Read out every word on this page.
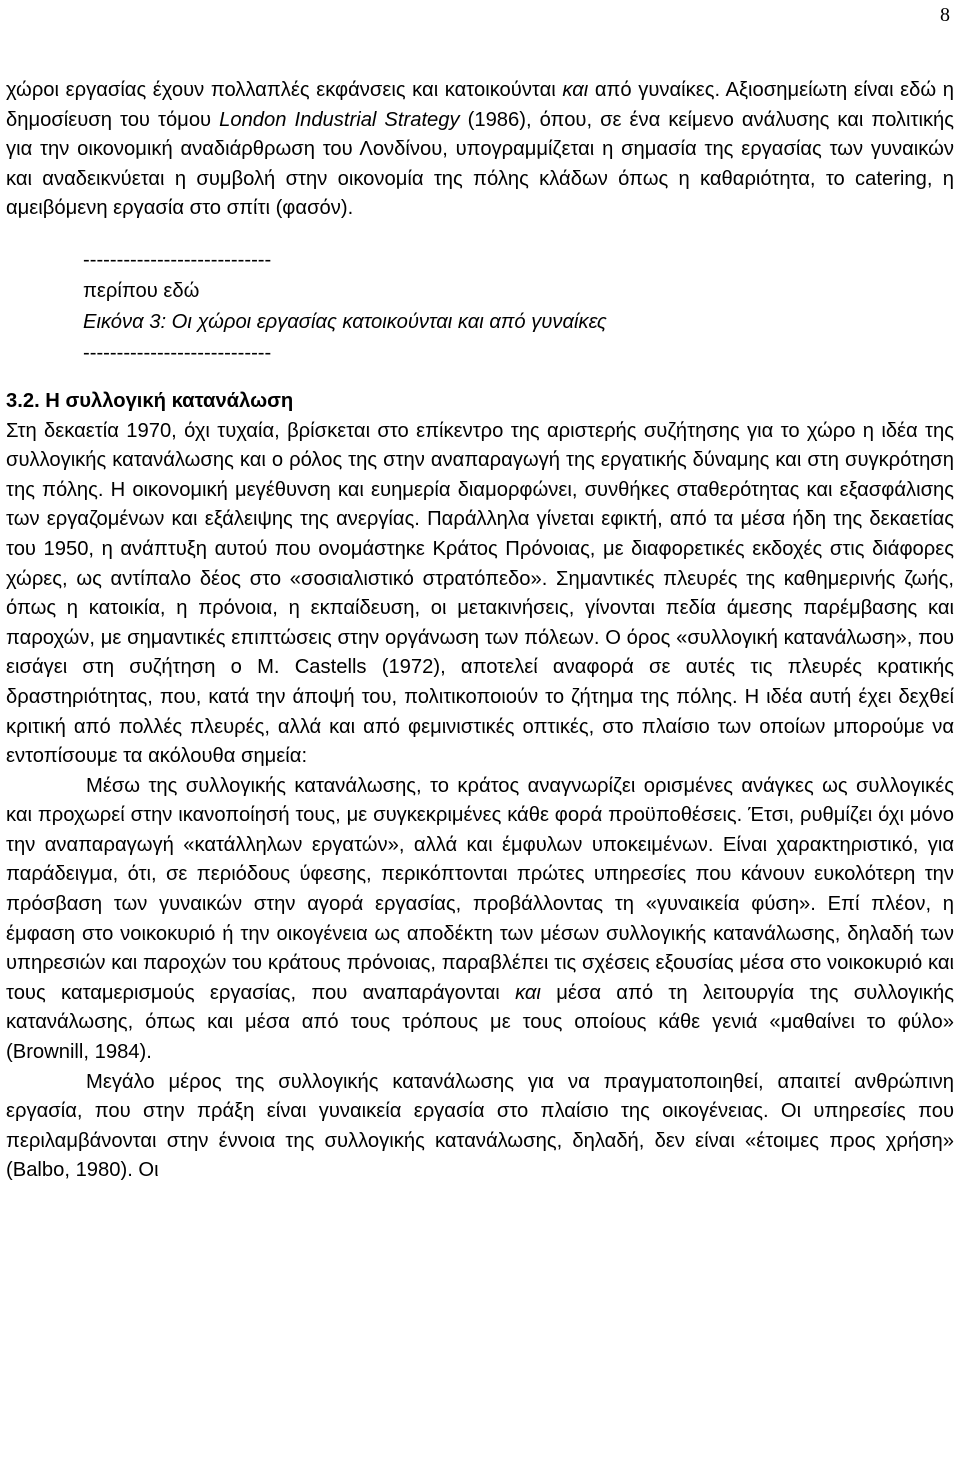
8

χώροι εργασίας έχουν πολλαπλές εκφάνσεις και κατοικούνται και από γυναίκες. Αξιοσημείωτη είναι εδώ η δημοσίευση του τόμου London Industrial Strategy (1986), όπου, σε ένα κείμενο ανάλυσης και πολιτικής για την οικονομική αναδιάρθρωση του Λονδίνου, υπογραμμίζεται η σημασία της εργασίας των γυναικών και αναδεικνύεται η συμβολή στην οικονομία της πόλης κλάδων όπως η καθαριότητα, το catering, η αμειβόμενη εργασία στο σπίτι (φασόν).

----------------------------
περίπου εδώ
Εικόνα 3: Οι χώροι εργασίας κατοικούνται και από γυναίκες
----------------------------

3.2. Η συλλογική κατανάλωση

Στη δεκαετία 1970, όχι τυχαία, βρίσκεται στο επίκεντρο της αριστερής συζήτησης για το χώρο η ιδέα της συλλογικής κατανάλωσης και ο ρόλος της στην αναπαραγωγή της εργατικής δύναμης και στη συγκρότηση της πόλης. Η οικονομική μεγέθυνση και ευημερία διαμορφώνει, συνθήκες σταθερότητας και εξασφάλισης των εργαζομένων και εξάλειψης της ανεργίας. Παράλληλα γίνεται εφικτή, από τα μέσα ήδη της δεκαετίας του 1950, η ανάπτυξη αυτού που ονομάστηκε Κράτος Πρόνοιας, με διαφορετικές εκδοχές στις διάφορες χώρες, ως αντίπαλο δέος στο «σοσιαλιστικό στρατόπεδο». Σημαντικές πλευρές της καθημερινής ζωής, όπως η κατοικία, η πρόνοια, η εκπαίδευση, οι μετακινήσεις, γίνονται πεδία άμεσης παρέμβασης και παροχών, με σημαντικές επιπτώσεις στην οργάνωση των πόλεων. Ο όρος «συλλογική κατανάλωση», που εισάγει στη συζήτηση ο M. Castells (1972), αποτελεί αναφορά σε αυτές τις πλευρές κρατικής δραστηριότητας, που, κατά την άποψή του, πολιτικοποιούν το ζήτημα της πόλης. Η ιδέα αυτή έχει δεχθεί κριτική από πολλές πλευρές, αλλά και από φεμινιστικές οπτικές, στο πλαίσιο των οποίων μπορούμε να εντοπίσουμε τα ακόλουθα σημεία:

Μέσω της συλλογικής κατανάλωσης, το κράτος αναγνωρίζει ορισμένες ανάγκες ως συλλογικές και προχωρεί στην ικανοποίησή τους, με συγκεκριμένες κάθε φορά προϋποθέσεις. Έτσι, ρυθμίζει όχι μόνο την αναπαραγωγή «κατάλληλων εργατών», αλλά και έμφυλων υποκειμένων. Είναι χαρακτηριστικό, για παράδειγμα, ότι, σε περιόδους ύφεσης, περικόπτονται πρώτες υπηρεσίες που κάνουν ευκολότερη την πρόσβαση των γυναικών στην αγορά εργασίας, προβάλλοντας τη «γυναικεία φύση». Επί πλέον, η έμφαση στο νοικοκυριό ή την οικογένεια ως αποδέκτη των μέσων συλλογικής κατανάλωσης, δηλαδή των υπηρεσιών και παροχών του κράτους πρόνοιας, παραβλέπει τις σχέσεις εξουσίας μέσα στο νοικοκυριό και τους καταμερισμούς εργασίας, που αναπαράγονται και μέσα από τη λειτουργία της συλλογικής κατανάλωσης, όπως και μέσα από τους τρόπους με τους οποίους κάθε γενιά «μαθαίνει το φύλο» (Brownill, 1984).

Μεγάλο μέρος της συλλογικής κατανάλωσης για να πραγματοποιηθεί, απαιτεί ανθρώπινη εργασία, που στην πράξη είναι γυναικεία εργασία στο πλαίσιο της οικογένειας. Οι υπηρεσίες που περιλαμβάνονται στην έννοια της συλλογικής κατανάλωσης, δηλαδή, δεν είναι «έτοιμες προς χρήση» (Balbo, 1980). Οι
